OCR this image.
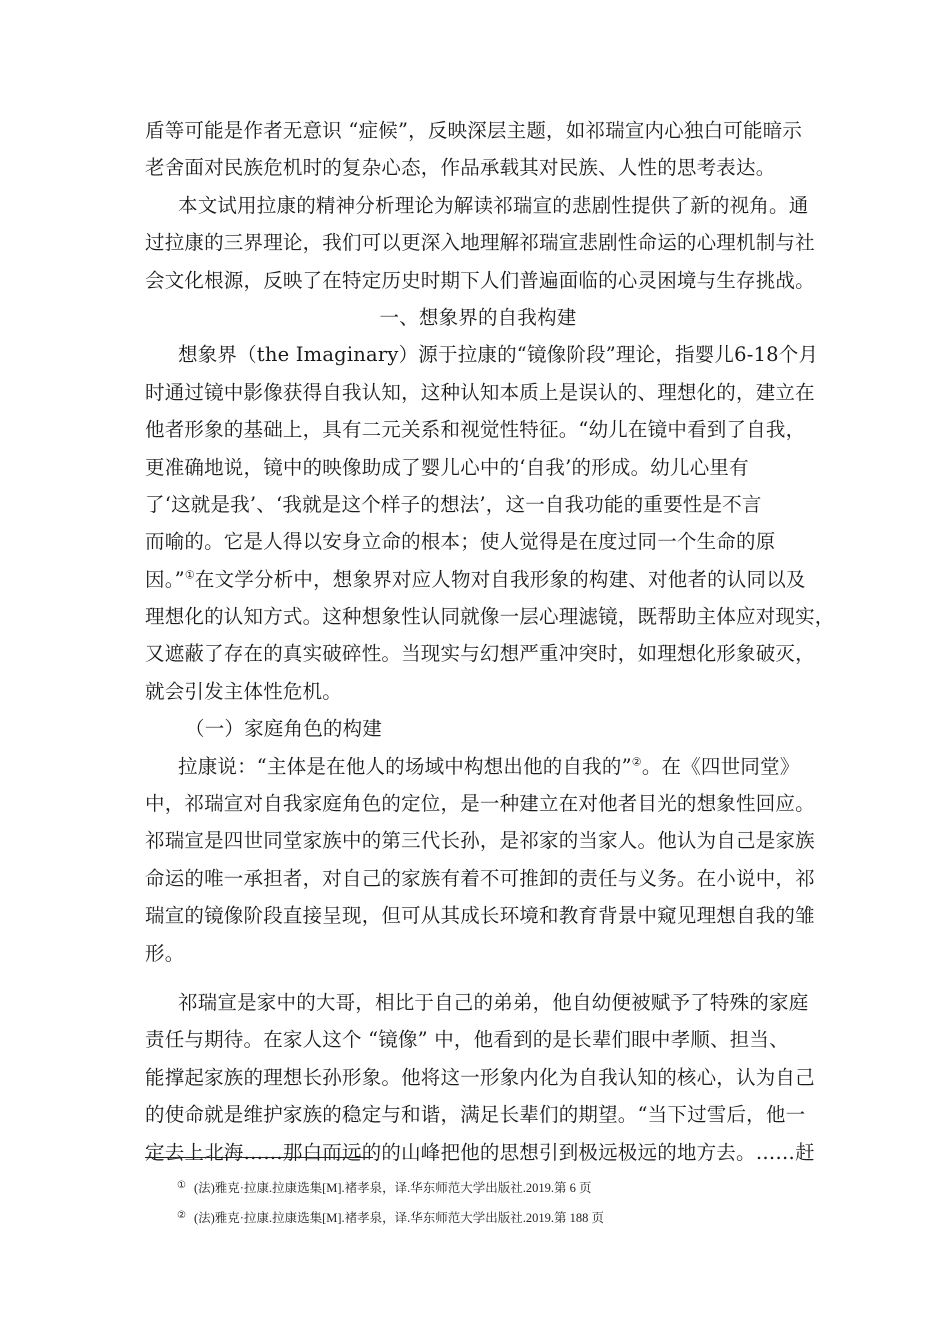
盾等可能是作者无意识 “症候”，反映深层主题，如祁瑞宣内心独白可能暗示
老舍面对民族危机时的复杂心态，作品承载其对民族、人性的思考表达。
本文试用拉康的精神分析理论为解读祁瑞宣的悲剧性提供了新的视角。通
过拉康的三界理论，我们可以更深入地理解祁瑞宣悲剧性命运的心理机制与社
会文化根源，反映了在特定历史时期下人们普遍面临的心灵困境与生存挑战。
一、想象界的自我构建
想象界（the Imaginary）源于拉康的“镜像阶段”理论，指婴儿6-18个月
时通过镜中影像获得自我认知，这种认知本质上是误认的、理想化的，建立在
他者形象的基础上，具有二元关系和视觉性特征。“幼儿在镜中看到了自我，
更准确地说，镜中的映像助成了婴儿心中的‘自我’的形成。幼儿心里有
了‘这就是我’、‘我就是这个样子的想法’，这一自我功能的重要性是不言
而喻的。它是人得以安身立命的根本；使人觉得是在度过同一个生命的原
因。”①在文学分析中，想象界对应人物对自我形象的构建、对他者的认同以及
理想化的认知方式。这种想象性认同就像一层心理滤镜，既帮助主体应对现实，
又遮蔽了存在的真实破碎性。当现实与幻想严重冲突时，如理想化形象破灭，
就会引发主体性危机。
（一）家庭角色的构建
拉康说：“主体是在他人的场域中构想出他的自我的”②。在《四世同堂》
中，祁瑞宣对自我家庭角色的定位，是一种建立在对他者目光的想象性回应。
祁瑞宣是四世同堂家族中的第三代长孙，是祁家的当家人。他认为自己是家族
命运的唯一承担者，对自己的家族有着不可推卸的责任与义务。在小说中，祁
瑞宣的镜像阶段直接呈现，但可从其成长环境和教育背景中窥见理想自我的雏
形。
祁瑞宣是家中的大哥，相比于自己的弟弟，他自幼便被赋予了特殊的家庭
责任与期待。在家人这个 “镜像” 中，他看到的是长辈们眼中孝顺、担当、
能撑起家族的理想长孙形象。他将这一形象内化为自我认知的核心，认为自己
的使命就是维护家族的稳定与和谐，满足长辈们的期望。“当下过雪后，他一
定去上北海……那白而远的的山峰把他的思想引到极远极远的地方去。……赶
① (法)雅克·拉康.拉康选集[M].褚孝泉，译.华东师范大学出版社.2019.第 6 页
② (法)雅克·拉康.拉康选集[M].褚孝泉，译.华东师范大学出版社.2019.第 188 页
